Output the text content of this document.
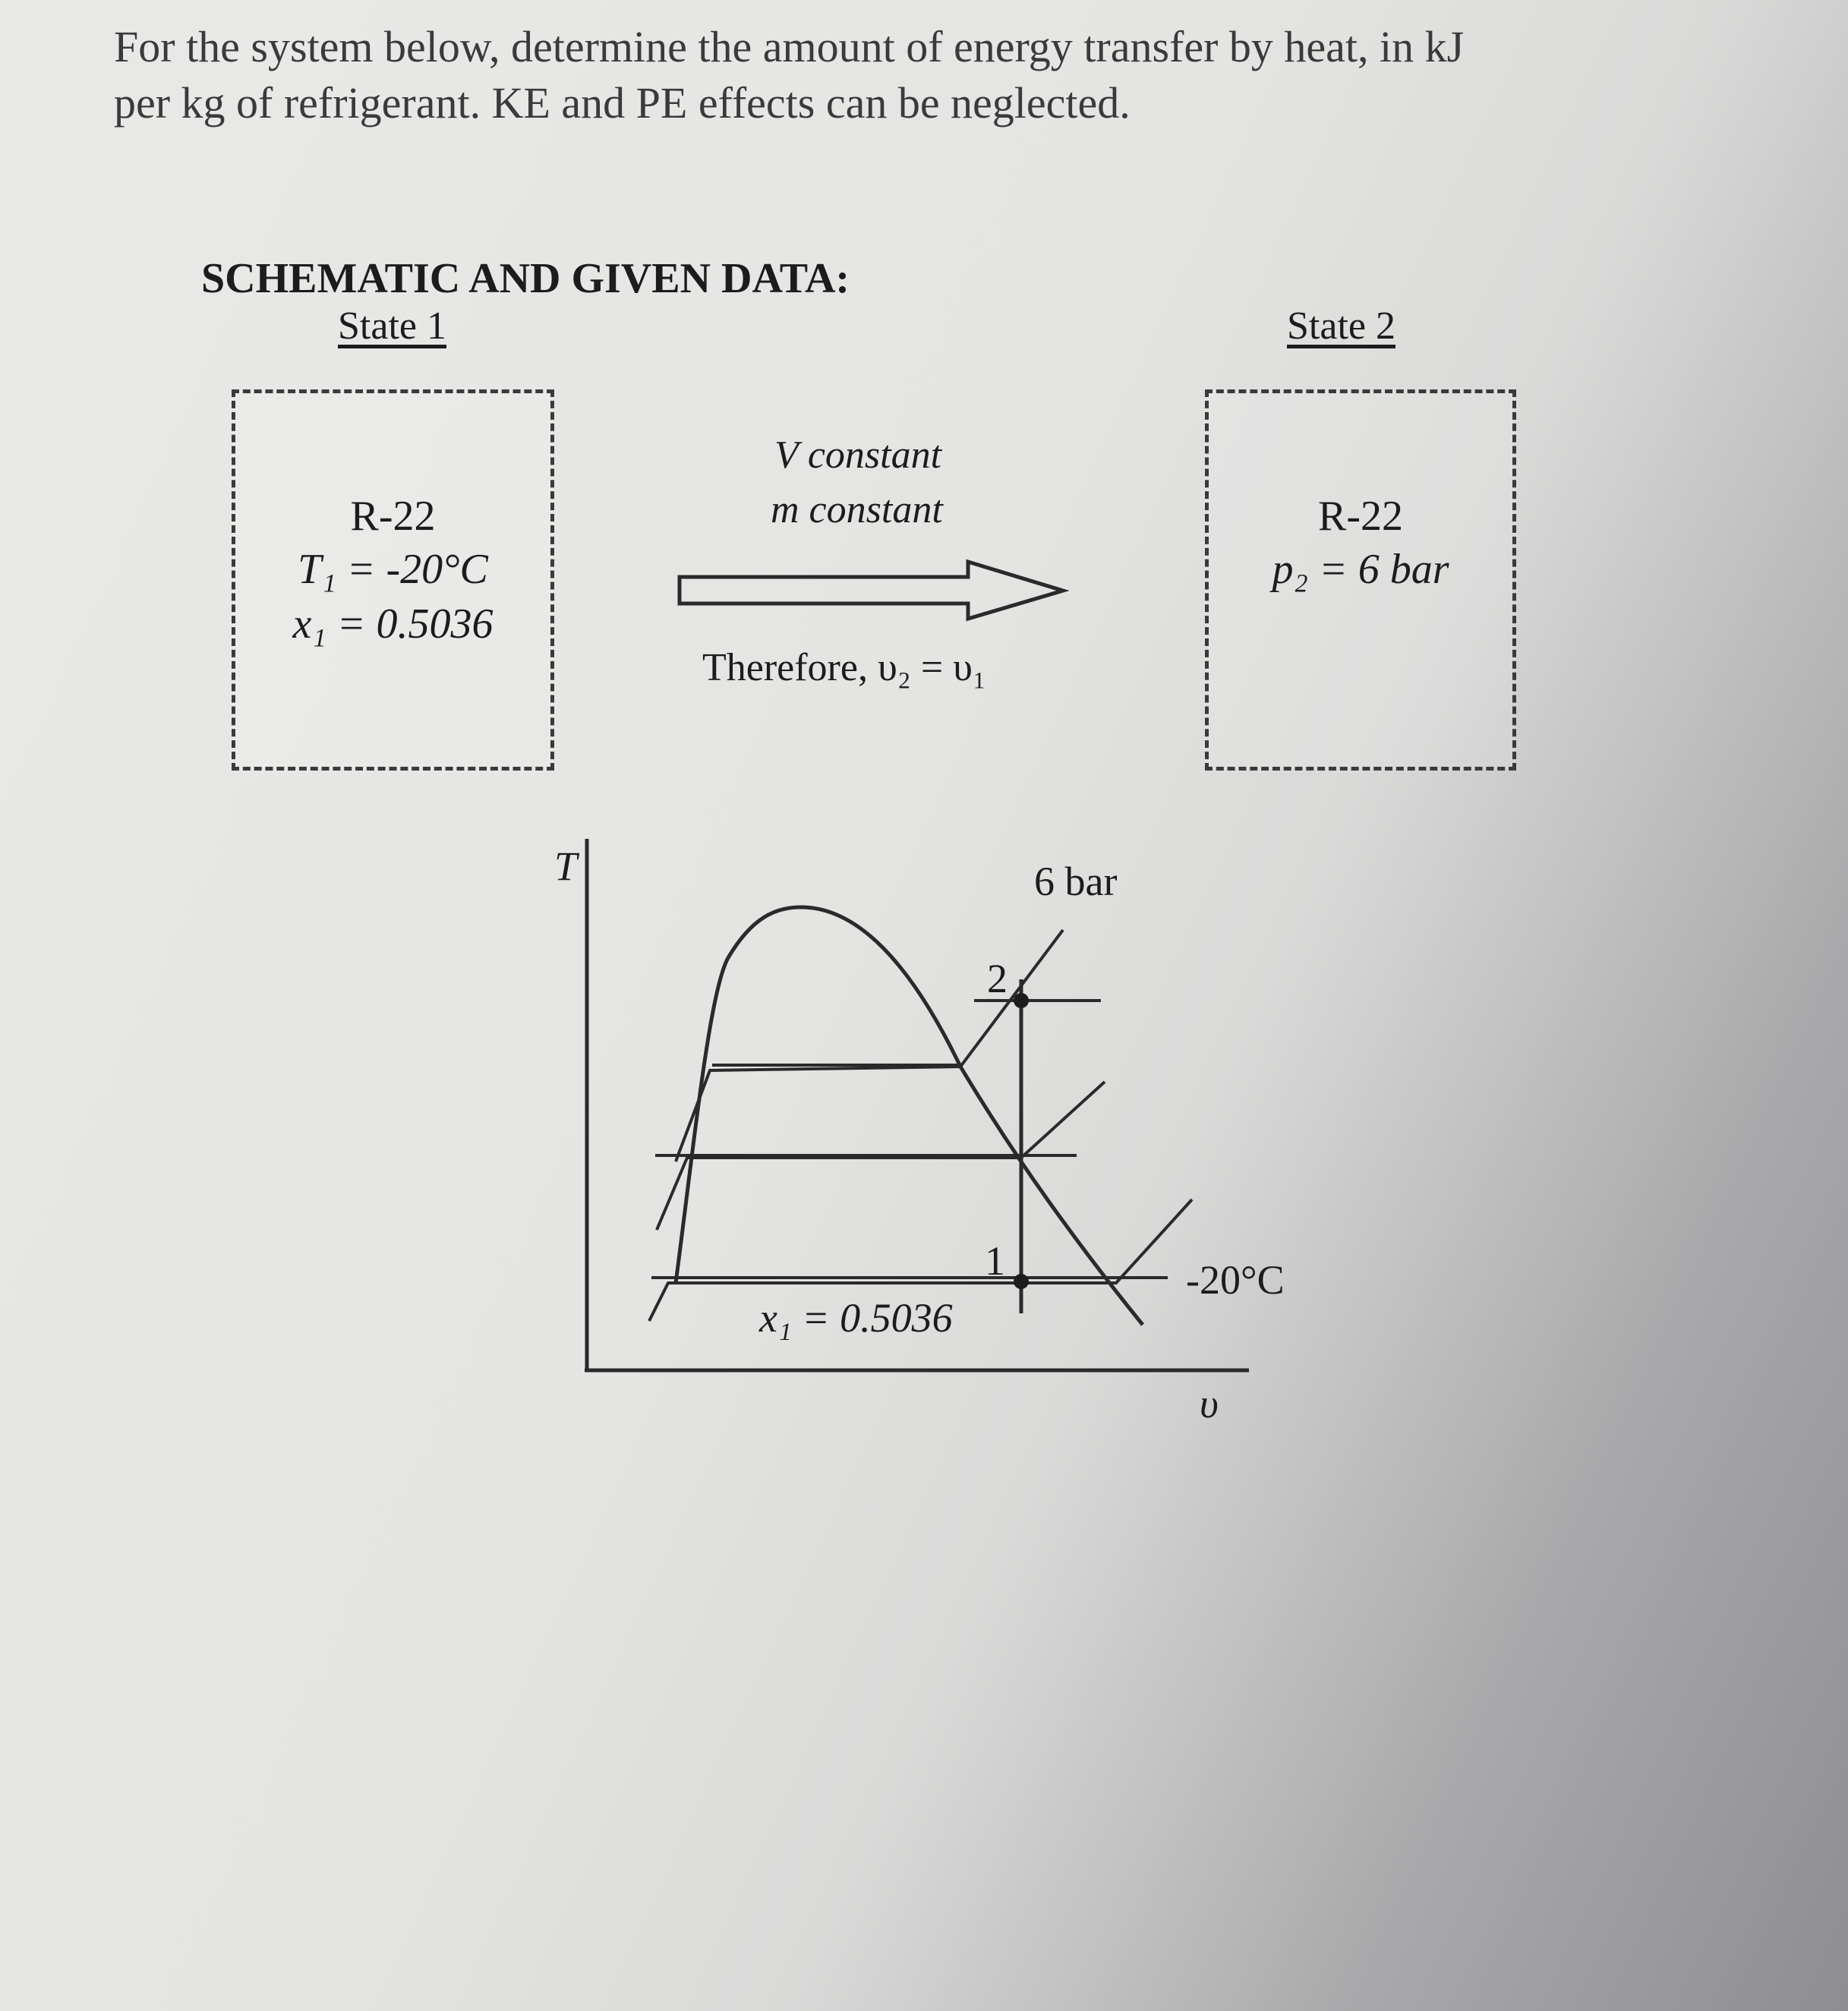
For the system below, determine the amount of energy transfer by heat, in kJ
per kg of refrigerant. KE and PE effects can be neglected.
SCHEMATIC AND GIVEN DATA:
State 1	State 2
R-22
T₁ = -20°C
x₁ = 0.5036
R-22
p₂ = 6 bar
V constant
m constant
Therefore, υ₂ = υ₁
T
υ
6 bar
-20°C
x₁ = 0.5036
1
2
